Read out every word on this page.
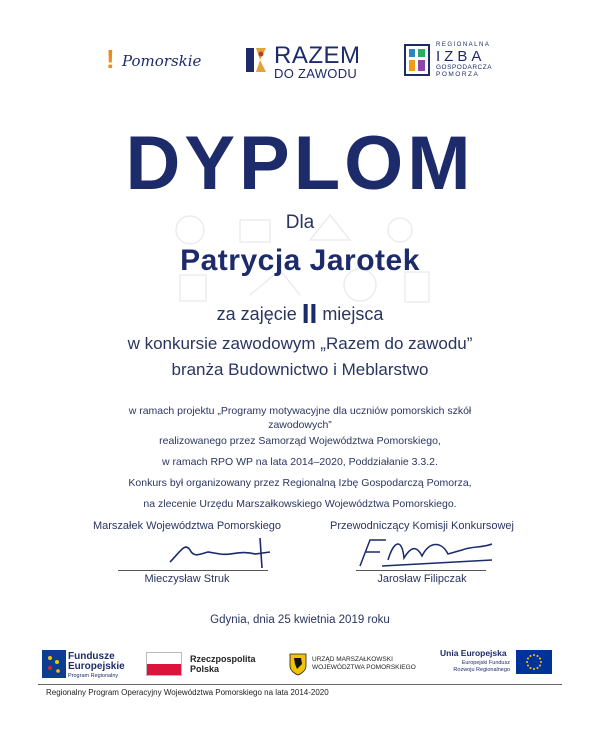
! Pomorskie	RAZEM
DO ZAWODU
REGIONALNA
IZBA
GOSPODARCZA
POMORZA
DYPLOM
Dla
Patrycja Jarotek
za zajęcie II miejsca
w konkursie zawodowym „Razem do zawodu”
branża Budownictwo i Meblarstwo
w ramach projektu „Programy motywacyjne dla uczniów pomorskich szkół
zawodowych”
realizowanego przez Samorząd Województwa Pomorskiego,
w ramach RPO WP na lata 2014–2020, Poddziałanie 3.3.2.
Konkurs był organizowany przez Regionalną Izbę Gospodarczą Pomorza,
na zlecenie Urzędu Marszałkowskiego Województwa Pomorskiego.
Marszałek Województwa Pomorskiego	Przewodniczący Komisji Konkursowej
Mieczysław Struk	Jarosław Filipczak
Gdynia, dnia 25 kwietnia 2019 roku
Fundusze
Europejskie
Program Regionalny
Rzeczpospolita
Polska
URZĄD MARSZAŁKOWSKI
WOJEWÓDZTWA POMORSKIEGO
Unia Europejska
Europejski Fundusz
Rozwoju Regionalnego
Regionalny Program Operacyjny Województwa Pomorskiego na lata 2014-2020
